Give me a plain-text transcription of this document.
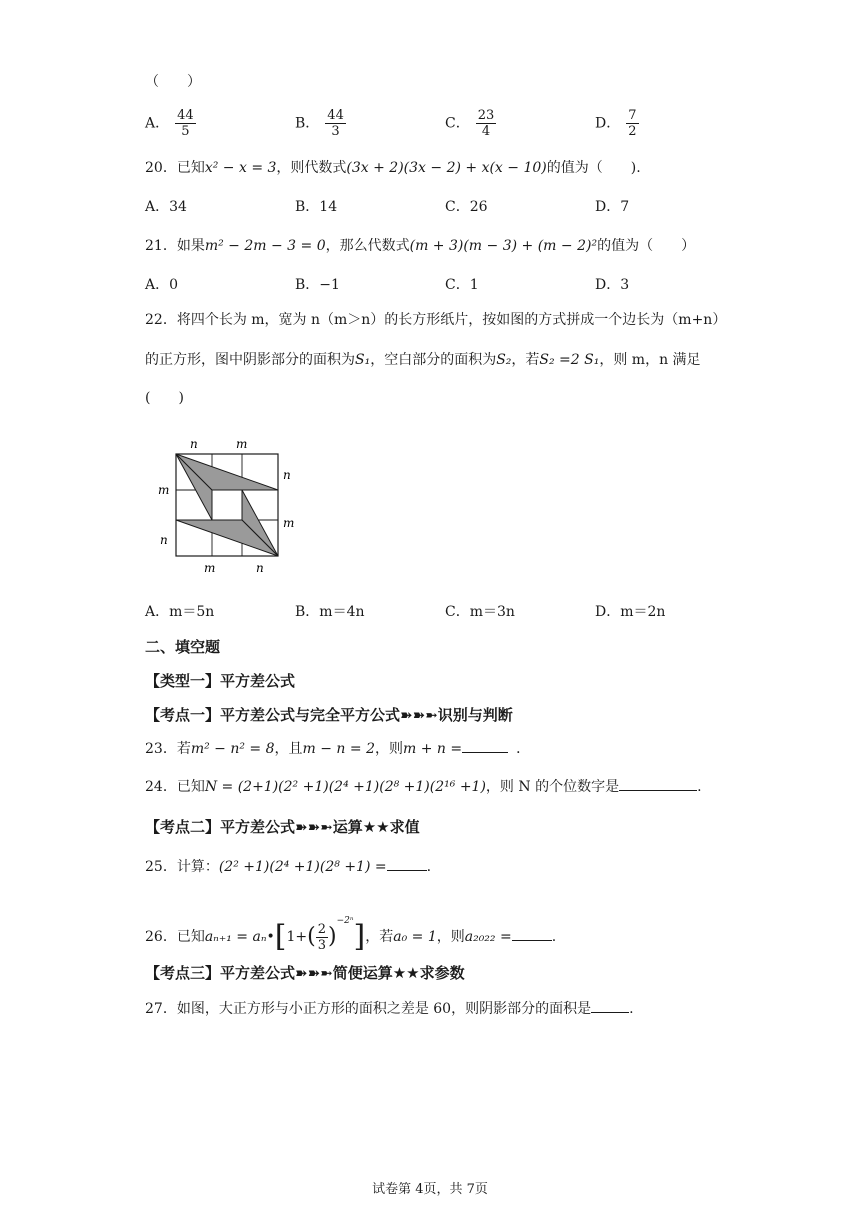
（　　）
A． $\frac{44}{5}$	B． $\frac{44}{3}$	C． $\frac{23}{4}$	D． $\frac{7}{2}$
20．已知x² − x = 3，则代数式(3x + 2)(3x − 2) + x(x − 10)的值为（　　).
A．34	B．14	C．26	D．7
21．如果m² − 2m − 3 = 0，那么代数式(m + 3)(m − 3) + (m − 2)²的值为（　　）
A．0	B．−1	C．1	D．3
22．将四个长为 m，宽为 n（m＞n）的长方形纸片，按如图的方式拼成一个边长为（m+n）
的正方形，图中阴影部分的面积为S₁，空白部分的面积为S₂，若S₂ =2 S₁，则 m，n 满足
(　　)
n	m
n
m
m
n
m	n
A．m＝5n	B．m＝4n	C．m＝3n	D．m＝2n
二、填空题
【类型一】平方差公式
【考点一】平方差公式与完全平方公式➽➽➼识别与判断
23．若m² − n² = 8，且m − n = 2，则m + n =	．
24．已知N = (2+1)(2² +1)(2⁴ +1)(2⁸ +1)(2¹⁶ +1)，则 N 的个位数字是	.
【考点二】平方差公式➽➽➼运算★★求值
25．计算：(2² +1)(2⁴ +1)(2⁸ +1) =	.
26．已知aₙ₊₁ = aₙ•[1+( $\frac{2}{3} )^{-2^n}$]，若a₀ = 1，则a₂₀₂₂ =	.
【考点三】平方差公式➽➽➼简便运算★★求参数
27．如图，大正方形与小正方形的面积之差是 60，则阴影部分的面积是	.
试卷第 4页，共 7页
